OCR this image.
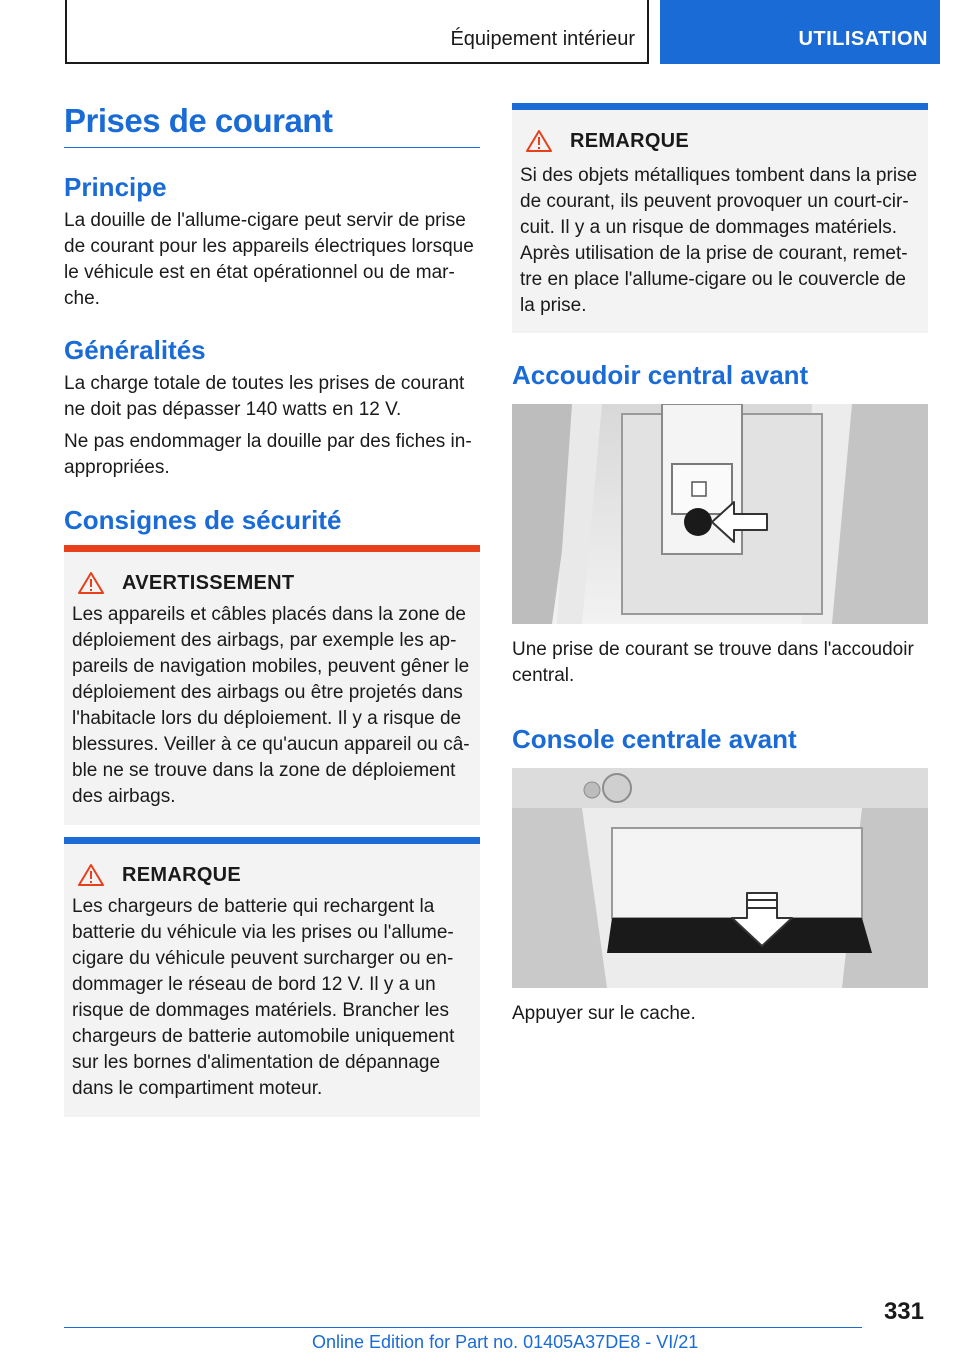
Équipement intérieur	UTILISATION
Prises de courant
Principe

La douille de l'allume-cigare peut servir de prise de courant pour les appareils électriques lorsque le véhicule est en état opérationnel ou de marche.

Généralités

La charge totale de toutes les prises de courant ne doit pas dépasser 140 watts en 12 V.

Ne pas endommager la douille par des fiches inappropriées.

Consignes de sécurité
AVERTISSEMENT

Les appareils et câbles placés dans la zone de déploiement des airbags, par exemple les appareils de navigation mobiles, peuvent gêner le déploiement des airbags ou être projetés dans l'habitacle lors du déploiement. Il y a risque de blessures. Veiller à ce qu'aucun appareil ou câble ne se trouve dans la zone de déploiement des airbags.

REMARQUE

Les chargeurs de batterie qui rechargent la batterie du véhicule via les prises ou l'allume-cigare du véhicule peuvent surcharger ou endommager le réseau de bord 12 V. Il y a un risque de dommages matériels. Brancher les chargeurs de batterie automobile uniquement sur les bornes d'alimentation de dépannage dans le compartiment moteur.

REMARQUE

Si des objets métalliques tombent dans la prise de courant, ils peuvent provoquer un court-circuit. Il y a un risque de dommages matériels. Après utilisation de la prise de courant, remettre en place l'allume-cigare ou le couvercle de la prise.

Accoudoir central avant

Une prise de courant se trouve dans l'accoudoir central.

Console centrale avant

Appuyer sur le cache.

331
Online Edition for Part no. 01405A37DE8 - VI/21
